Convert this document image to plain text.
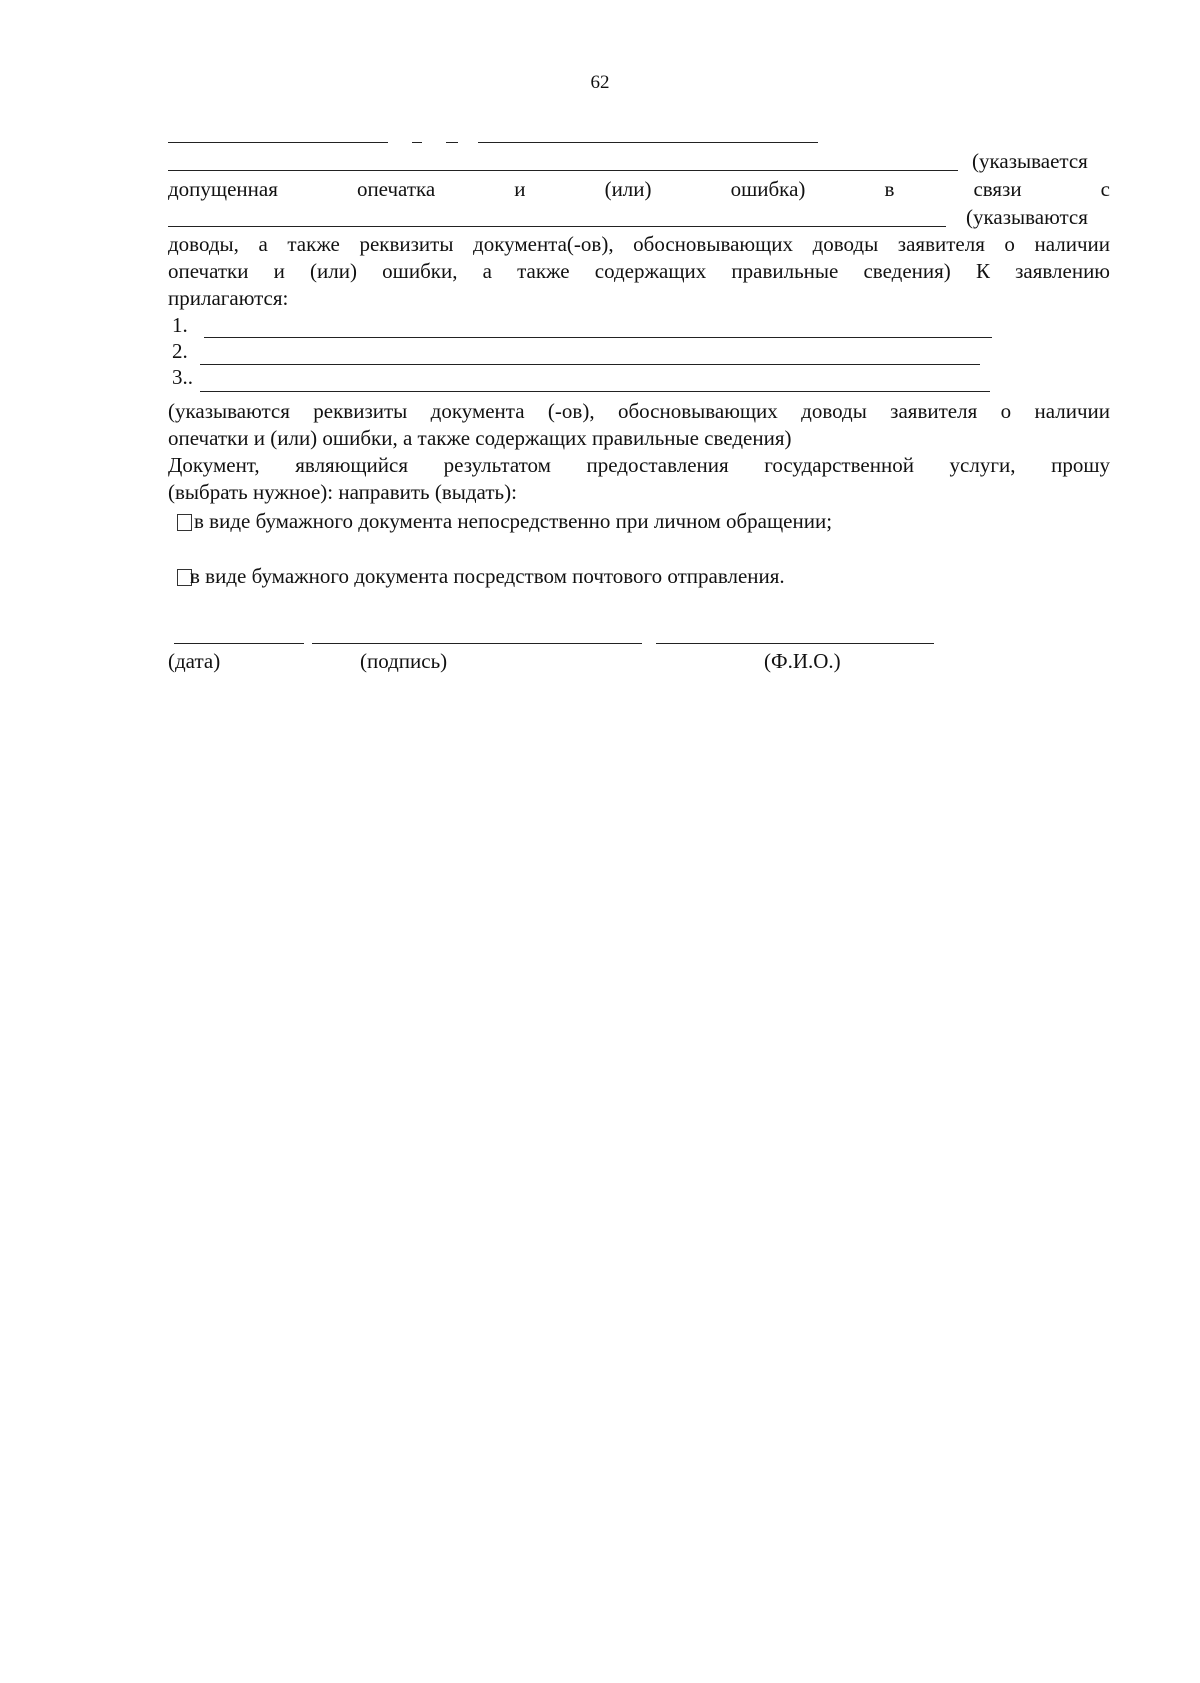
62
(указывается
допущенная	опечатка	и	(или)	ошибка)	в	связи	с
(указываются
доводы, а также реквизиты документа(-ов), обосновывающих доводы заявителя о наличии
опечатки и (или) ошибки, а также содержащих правильные сведения) К заявлению
прилагаются:
1.
2.
3..
(указываются реквизиты документа (-ов), обосновывающих доводы заявителя о наличии
опечатки и (или) ошибки, а также содержащих правильные сведения)
Документ, являющийся результатом предоставления государственной услуги, прошу
(выбрать нужное): направить (выдать):
в виде бумажного документа непосредственно при личном обращении;
в виде бумажного документа посредством почтового отправления.
(дата)	(подпись)	(Ф.И.О.)
